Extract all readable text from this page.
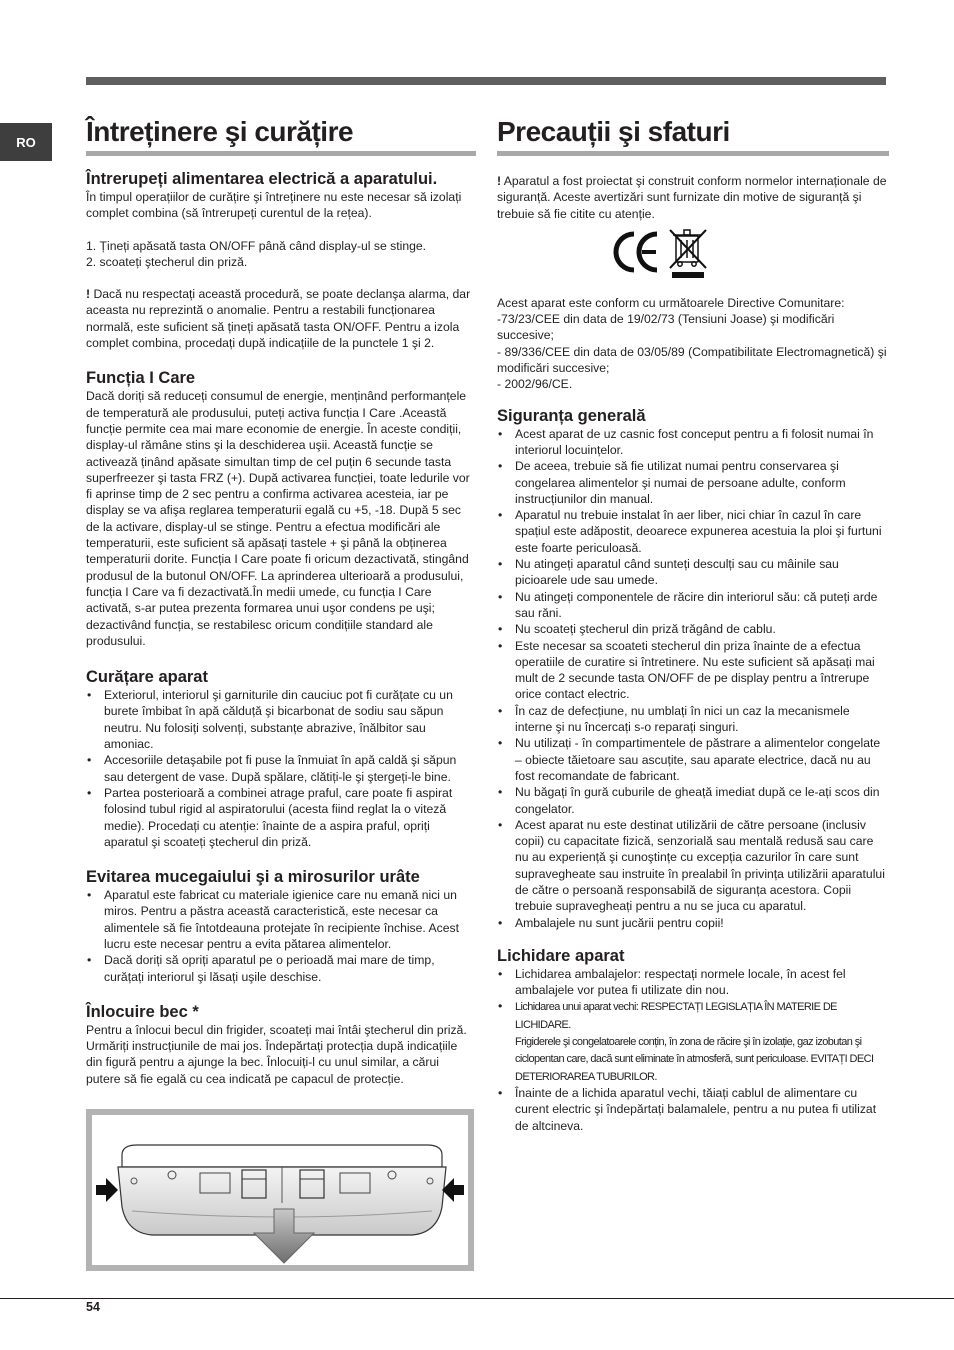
RO	Întreținere şi curățire
Întrerupeți alimentarea electrică a aparatului.

În timpul operațiilor de curățire şi întreținere nu este necesar să izolați complet combina (să întrerupeți curentul de la rețea).

1. Țineți apăsată tasta ON/OFF până când display-ul se stinge.

2. scoateți ştecherul din priză.

! Dacă nu respectați această procedură, se poate declanşa alarma, dar aceasta nu reprezintă o anomalie. Pentru a restabili funcționarea normală, este suficient să țineți apăsată tasta ON/OFF. Pentru a izola complet combina, procedați după indicațiile de la punctele 1 şi 2.

Funcția I Care

Dacă doriți să reduceți consumul de energie, menținând performanțele de temperatură ale produsului, puteți activa funcția I Care .Această funcție permite cea mai mare economie de energie. În aceste condiții, display-ul rămâne stins şi la deschiderea uşii. Această funcție se activează ținând apăsate simultan timp de cel puțin 6 secunde tasta superfreezer şi tasta FRZ (+). După activarea funcției, toate ledurile vor fi aprinse timp de 2 sec pentru a confirma activarea acesteia, iar pe display se va afişa reglarea temperaturii egală cu +5, -18. După 5 sec de la activare, display-ul se stinge. Pentru a efectua modificări ale temperaturii, este suficient să apăsați tastele + şi până la obținerea temperaturii dorite. Funcția I Care poate fi oricum dezactivată, stingând produsul de la butonul ON/OFF. La aprinderea ulterioară a produsului, funcția I Care va fi dezactivată.În medii umede, cu funcția I Care activată, s-ar putea prezenta formarea unui uşor condens pe uşi; dezactivând funcția, se restabilesc oricum condițiile standard ale produsului.

Curățare aparat
• Exteriorul, interiorul şi garniturile din cauciuc pot fi curățate cu un burete îmbibat în apă călduță şi bicarbonat de sodiu sau săpun neutru. Nu folosiți solvenți, substanțe abrazive, înălbitor sau amoniac.
• Accesoriile detaşabile pot fi puse la înmuiat în apă caldă şi săpun sau detergent de vase. După spălare, clătiți-le şi ştergeți-le bine.
• Partea posterioară a combinei atrage praful, care poate fi aspirat folosind tubul rigid al aspiratorului (acesta fiind reglat la o viteză medie). Procedați cu atenție: înainte de a aspira praful, opriți aparatul şi scoateți ştecherul din priză.
Evitarea mucegaiului şi a mirosurilor urâte
• Aparatul este fabricat cu materiale igienice care nu emană nici un miros. Pentru a păstra această caracteristică, este necesar ca alimentele să fie întotdeauna protejate în recipiente închise. Acest lucru este necesar pentru a evita pătarea alimentelor.
• Dacă doriți să opriți aparatul pe o perioadă mai mare de timp, curățați interiorul şi lăsați uşile deschise.
Înlocuire bec *

Pentru a înlocui becul din frigider, scoateți mai întâi ştecherul din priză. Urmăriți instrucțiunile de mai jos. Îndepărtați protecția după indicațiile din figură pentru a ajunge la bec. Înlocuiți-l cu unul similar, a cărui putere să fie egală cu cea indicată pe capacul de protecție.

Precauții şi sfaturi

! Aparatul a fost proiectat şi construit conform normelor internaționale de siguranță. Aceste avertizări sunt furnizate din motive de siguranță şi trebuie să fie citite cu atenție.

Acest aparat este conform cu următoarele Directive Comunitare:

-73/23/CEE din data de 19/02/73 (Tensiuni Joase) şi modificări succesive;

- 89/336/CEE din data de 03/05/89 (Compatibilitate Electromagnetică) şi modificări succesive;

- 2002/96/CE.

Siguranța generală
• Acest aparat de uz casnic fost conceput pentru a fi folosit numai în interiorul locuințelor.
• De aceea, trebuie să fie utilizat numai pentru conservarea şi congelarea alimentelor şi numai de persoane adulte, conform instrucțiunilor din manual.
• Aparatul nu trebuie instalat în aer liber, nici chiar în cazul în care spațiul este adăpostit, deoarece expunerea acestuia la ploi şi furtuni este foarte periculoasă.
• Nu atingeți aparatul când sunteți desculți sau cu mâinile sau picioarele ude sau umede.
• Nu atingeți componentele de răcire din interiorul său: că puteți arde sau răni.
• Nu scoateți ştecherul din priză trăgând de cablu.
• Este necesar sa scoateti stecherul din priza înainte de a efectua operatiile de curatire si întretinere. Nu este suficient să apăsați mai mult de 2 secunde tasta ON/OFF de pe display pentru a întrerupe orice contact electric.
• În caz de defecțiune, nu umblați în nici un caz la mecanismele interne şi nu încercați s-o reparați singuri.
• Nu utilizați - în compartimentele de păstrare a alimentelor congelate – obiecte tăietoare sau ascuțite, sau aparate electrice, dacă nu au fost recomandate de fabricant.
• Nu băgați în gură cuburile de gheață imediat după ce le-ați scos din congelator.
• Acest aparat nu este destinat utilizării de către persoane (inclusiv copii) cu capacitate fizică, senzorială sau mentală redusă sau care nu au experiență şi cunoştințe cu excepția cazurilor în care sunt supravegheate sau instruite în prealabil în privința utilizării aparatului de către o persoană responsabilă de siguranța acestora. Copii trebuie supravegheați pentru a nu se juca cu aparatul.
• Ambalajele nu sunt jucării pentru copii!
Lichidare aparat
• Lichidarea ambalajelor: respectați normele locale, în acest fel ambalajele vor putea fi utilizate din nou.
• Lichidarea unui aparat vechi: RESPECTAȚI LEGISLAȚIA ÎN MATERIE DE LICHIDARE.
Frigiderele şi congelatoarele conțin, în zona de răcire şi în izolație, gaz izobutan şi ciclopentan care, dacă sunt eliminate în atmosferă, sunt periculoase. EVITAȚI DECI DETERIORAREA TUBURILOR.
• Înainte de a lichida aparatul vechi, tăiați cablul de alimentare cu curent electric şi îndepărtați balamalele, pentru a nu putea fi utilizat de altcineva.
54
